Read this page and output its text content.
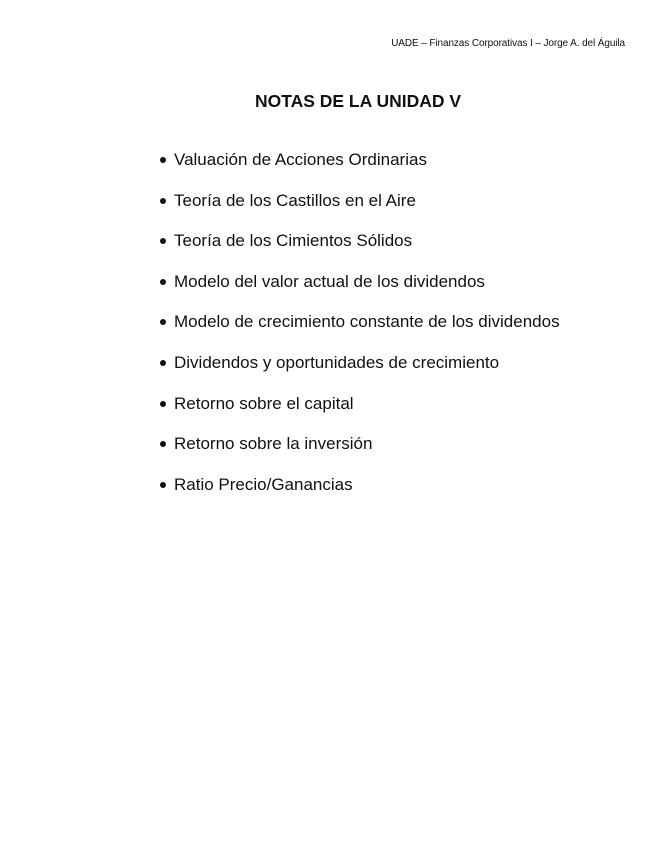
UADE – Finanzas Corporativas I – Jorge A. del Águila
NOTAS DE LA UNIDAD V
Valuación de Acciones Ordinarias
Teoría de los Castillos en el Aire
Teoría de los Cimientos Sólidos
Modelo del valor actual de los dividendos
Modelo de crecimiento constante de los dividendos
Dividendos y oportunidades de crecimiento
Retorno sobre el capital
Retorno sobre la inversión
Ratio Precio/Ganancias
